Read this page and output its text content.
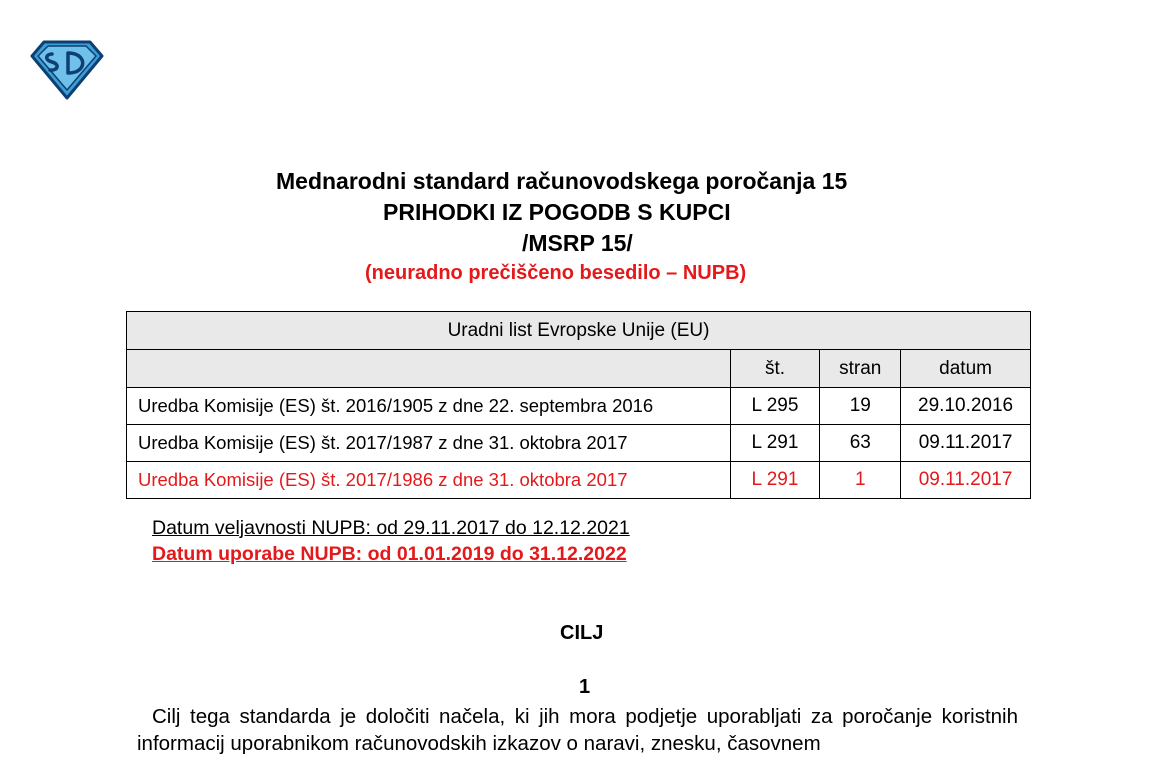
Mednarodni standard računovodskega poročanja 15
PRIHODKI IZ POGODB S KUPCI
/MSRP 15/
(neuradno prečiščeno besedilo – NUPB)
Uradni list Evropske Unije (EU)			
	št.	stran	datum
Uredba Komisije (ES) št. 2016/1905 z dne 22. septembra 2016	L 295	19	29.10.2016
Uredba Komisije (ES) št. 2017/1987 z dne 31. oktobra 2017	L 291	63	09.11.2017
Uredba Komisije (ES) št. 2017/1986 z dne 31. oktobra 2017	L 291	1	09.11.2017
Datum veljavnosti NUPB: od 29.11.2017 do 12.12.2021
Datum uporabe NUPB: od 01.01.2019 do 31.12.2022
CILJ
1
Cilj tega standarda je določiti načela, ki jih mora podjetje uporabljati za poročanje koristnih informacij uporabnikom računovodskih izkazov o naravi, znesku, časovnem
